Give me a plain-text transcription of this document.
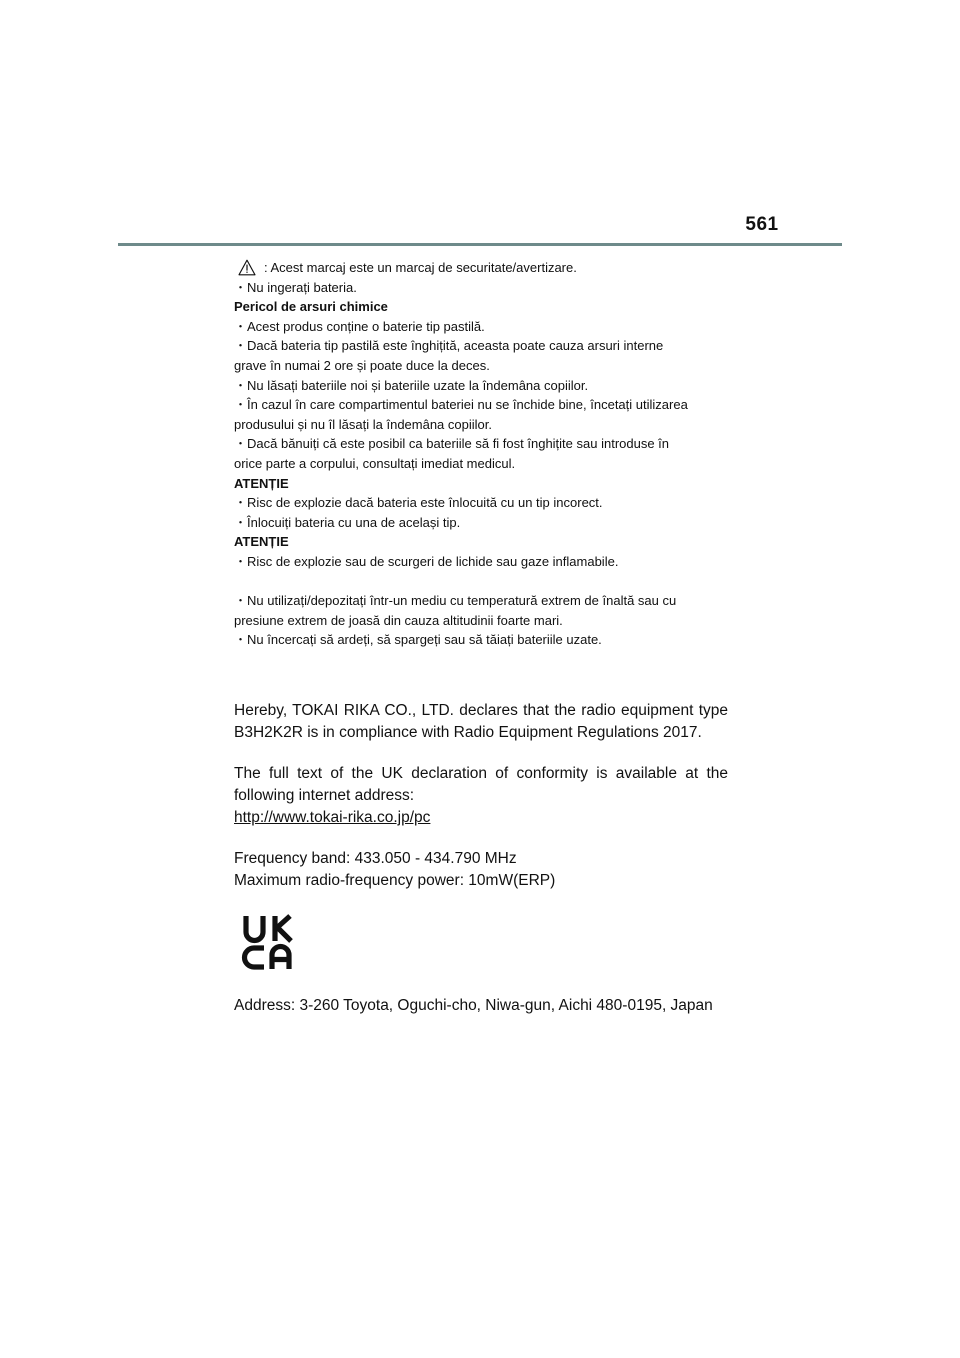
561
: Acest marcaj este un marcaj de securitate/avertizare.
・Nu ingerați bateria.
Pericol de arsuri chimice
・Acest produs conține o baterie tip pastilă.
・Dacă bateria tip pastilă este înghițită, aceasta poate cauza arsuri interne
grave în numai 2 ore și poate duce la deces.
・Nu lăsați bateriile noi și bateriile uzate la îndemâna copiilor.
・În cazul în care compartimentul bateriei nu se închide bine, încetați utilizarea
produsului și nu îl lăsați la îndemâna copiilor.
・Dacă bănuiți că este posibil ca bateriile să fi fost înghițite sau introduse în
orice parte a corpului, consultați imediat medicul.
ATENȚIE
・Risc de explozie dacă bateria este înlocuită cu un tip incorect.
・Înlocuiți bateria cu una de același tip.
ATENȚIE
・Risc de explozie sau de scurgeri de lichide sau gaze inflamabile.
・Nu utilizați/depozitați într-un mediu cu temperatură extrem de înaltă sau cu
presiune extrem de joasă din cauza altitudinii foarte mari.
・Nu încercați să ardeți, să spargeți sau să tăiați bateriile uzate.

Hereby, TOKAI RIKA CO., LTD. declares that the radio equipment type B3H2K2R is in compliance with Radio Equipment Regulations 2017.

The full text of the UK declaration of conformity is available at the following internet address:

http://www.tokai-rika.co.jp/pc

Frequency band: 433.050 - 434.790 MHz

Maximum radio-frequency power: 10mW(ERP)

Address: 3-260 Toyota, Oguchi-cho, Niwa-gun, Aichi 480-0195, Japan
